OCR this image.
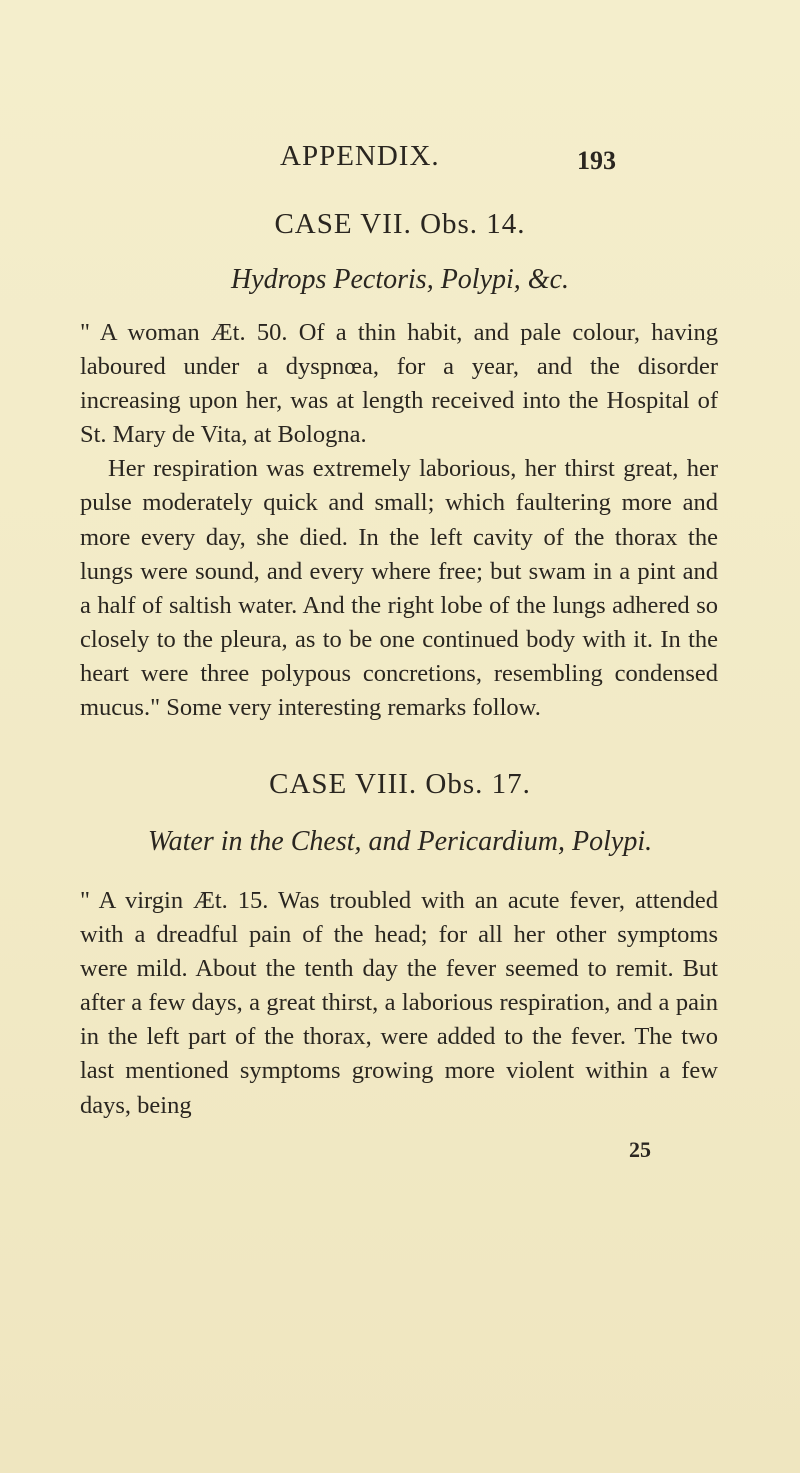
APPENDIX.	193
CASE VII. Obs. 14.
Hydrops Pectoris, Polypi, &c.

" A woman Æt. 50. Of a thin habit, and pale colour, having laboured under a dyspnœa, for a year, and the disorder increasing upon her, was at length received into the Hospital of St. Mary de Vita, at Bologna.

Her respiration was extremely laborious, her thirst great, her pulse moderately quick and small; which faultering more and more every day, she died. In the left cavity of the thorax the lungs were sound, and every where free; but swam in a pint and a half of saltish water. And the right lobe of the lungs adhered so closely to the pleura, as to be one continued body with it. In the heart were three polypous concretions, resembling condensed mucus." Some very interesting remarks follow.

CASE VIII. Obs. 17.
Water in the Chest, and Pericardium, Polypi.

" A virgin Æt. 15. Was troubled with an acute fever, attended with a dreadful pain of the head; for all her other symptoms were mild. About the tenth day the fever seemed to remit. But after a few days, a great thirst, a laborious respiration, and a pain in the left part of the thorax, were added to the fever. The two last mentioned symptoms growing more violent within a few days, being

25
